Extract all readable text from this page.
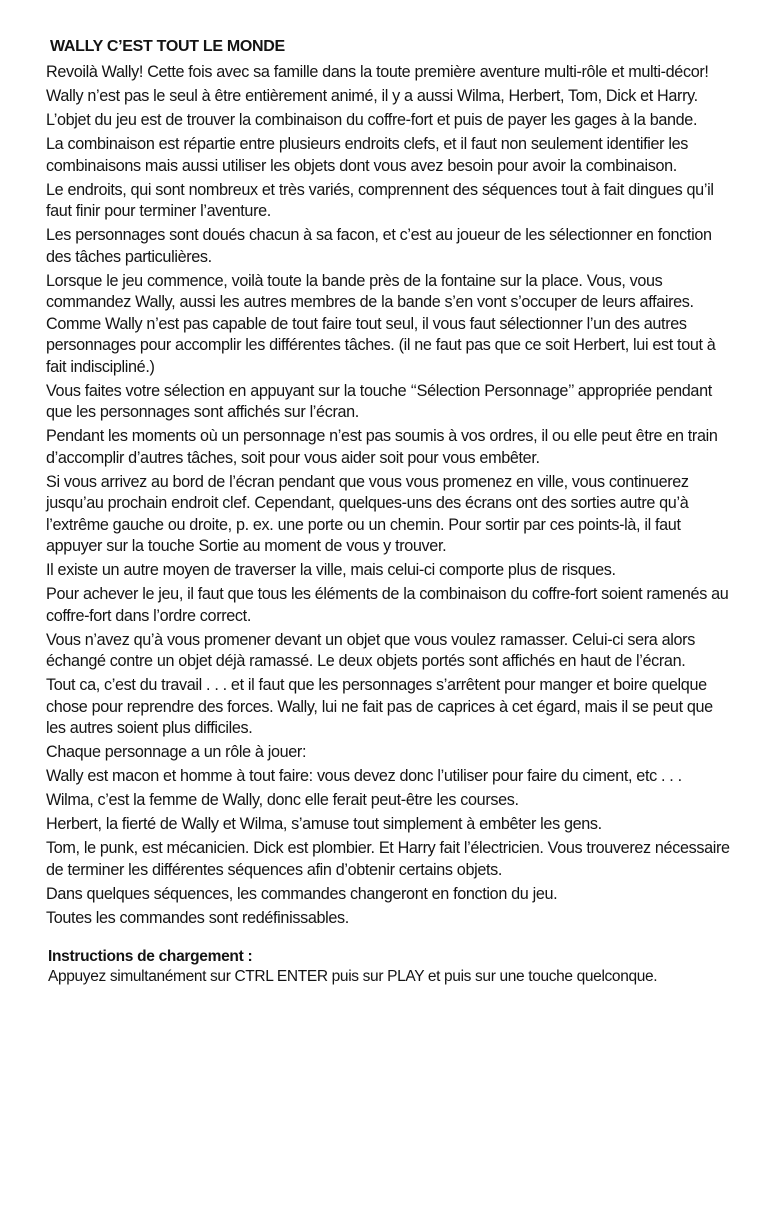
WALLY C’EST TOUT LE MONDE

Revoilà Wally! Cette fois avec sa famille dans la toute première aventure multi-rôle et multi-décor!

Wally n’est pas le seul à être entièrement animé, il y a aussi Wilma, Herbert, Tom, Dick et Harry.

L’objet du jeu est de trouver la combinaison du coffre-fort et puis de payer les gages à la bande.

La combinaison est répartie entre plusieurs endroits clefs, et il faut non seulement identifier les combinaisons mais aussi utiliser les objets dont vous avez besoin pour avoir la combinaison.

Le endroits, qui sont nombreux et très variés, comprennent des séquences tout à fait dingues qu’il faut finir pour terminer l’aventure.

Les personnages sont doués chacun à sa facon, et c’est au joueur de les sélectionner en fonction des tâches particulières.

Lorsque le jeu commence, voilà toute la bande près de la fontaine sur la place. Vous, vous commandez Wally, aussi les autres membres de la bande s’en vont s’occuper de leurs affaires. Comme Wally n’est pas capable de tout faire tout seul, il vous faut sélectionner l’un des autres personnages pour accomplir les différentes tâches. (il ne faut pas que ce soit Herbert, lui est tout à fait indiscipliné.)

Vous faites votre sélection en appuyant sur la touche ‘‘Sélection Personnage’’ appropriée pendant que les personnages sont affichés sur l’écran.

Pendant les moments où un personnage n’est pas soumis à vos ordres, il ou elle peut être en train d’accomplir d’autres tâches, soit pour vous aider soit pour vous embêter.

Si vous arrivez au bord de l’écran pendant que vous vous promenez en ville, vous continuerez jusqu’au prochain endroit clef. Cependant, quelques-uns des écrans ont des sorties autre qu’à l’extrême gauche ou droite, p. ex. une porte ou un chemin. Pour sortir par ces points-là, il faut appuyer sur la touche Sortie au moment de vous y trouver.

Il existe un autre moyen de traverser la ville, mais celui-ci comporte plus de risques.

Pour achever le jeu, il faut que tous les éléments de la combinaison du coffre-fort soient ramenés au coffre-fort dans l’ordre correct.

Vous n’avez qu’à vous promener devant un objet que vous voulez ramasser. Celui-ci sera alors échangé contre un objet déjà ramassé. Le deux objets portés sont affichés en haut de l’écran.

Tout ca, c’est du travail . . . et il faut que les personnages s’arrêtent pour manger et boire quelque chose pour reprendre des forces. Wally, lui ne fait pas de caprices à cet égard, mais il se peut que les autres soient plus difficiles.

Chaque personnage a un rôle à jouer:

Wally est macon et homme à tout faire: vous devez donc l’utiliser pour faire du ciment, etc . . .

Wilma, c’est la femme de Wally, donc elle ferait peut-être les courses.

Herbert, la fierté de Wally et Wilma, s’amuse tout simplement à embêter les gens.

Tom, le punk, est mécanicien. Dick est plombier. Et Harry fait l’électricien. Vous trouverez nécessaire de terminer les différentes séquences afin d’obtenir certains objets.

Dans quelques séquences, les commandes changeront en fonction du jeu.

Toutes les commandes sont redéfinissables.

Instructions de chargement :
Appuyez simultanément sur CTRL ENTER puis sur PLAY et puis sur une touche quelconque.
